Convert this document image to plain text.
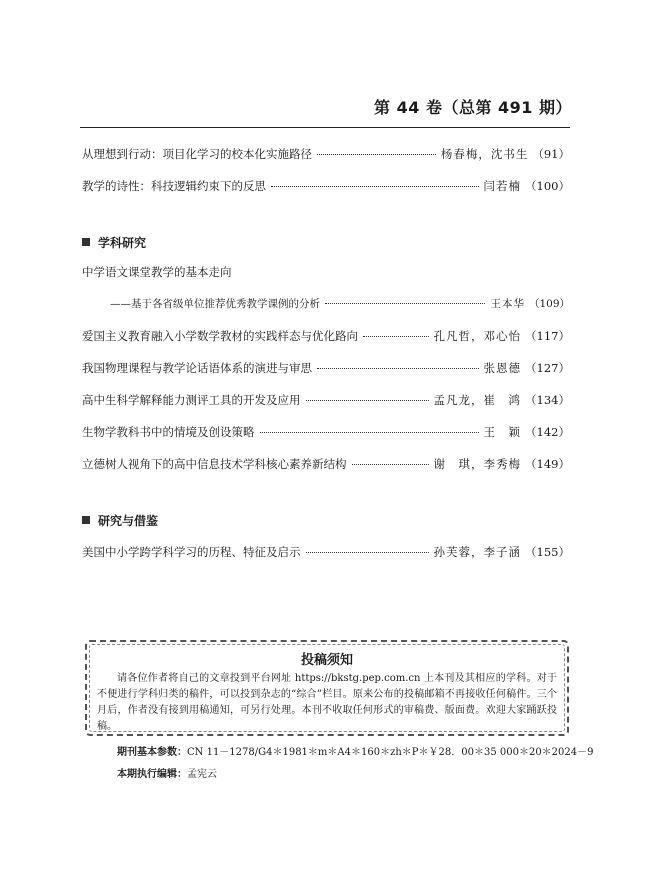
第 44 卷（总第 491 期）
从理想到行动：项目化学习的校本化实施路径	杨春梅，沈书生 （91）
教学的诗性：科技逻辑约束下的反思	闫若楠 （100）
学科研究
中学语文课堂教学的基本走向
——基于各省级单位推荐优秀教学课例的分析	王本华 （109）
爱国主义教育融入小学数学教材的实践样态与优化路向	孔凡哲，邓心怡 （117）
我国物理课程与教学论话语体系的演进与审思	张恩德 （127）
高中生科学解释能力测评工具的开发及应用	孟凡龙，崔　鸿 （134）
生物学教科书中的情境及创设策略	王　颖 （142）
立德树人视角下的高中信息技术学科核心素养新结构	谢　琪，李秀梅 （149）
研究与借鉴
美国中小学跨学科学习的历程、特征及启示	孙芙蓉，李子涵 （155）
投稿须知
请各位作者将自己的文章投到平台网址 https://bkstg.pep.com.cn 上本刊及其相应的学科。对于不便进行学科归类的稿件，可以投到杂志的“综合”栏目。原来公布的投稿邮箱不再接收任何稿件。三个月后，作者没有接到用稿通知，可另行处理。本刊不收取任何形式的审稿费、版面费。欢迎大家踊跃投稿。
期刊基本参数：CN 11－1278/G4＊1981＊m＊A4＊160＊zh＊P＊￥28．00＊35 000＊20＊2024－9
本期执行编辑：孟宪云
